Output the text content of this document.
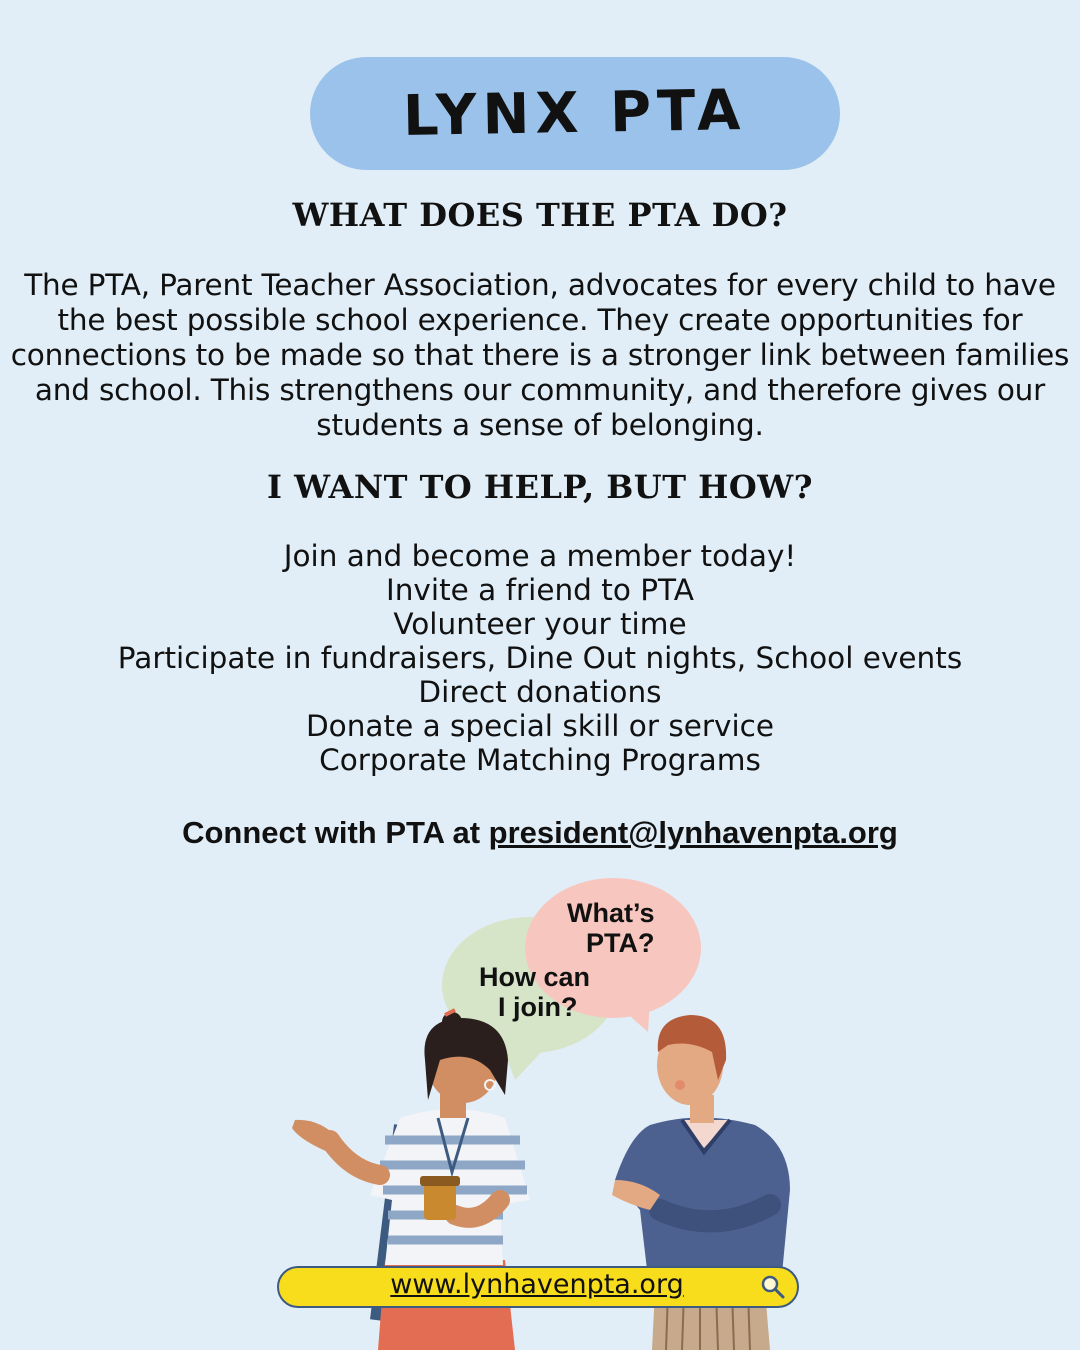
LYNX PTA
WHAT DOES THE PTA DO?
The PTA, Parent Teacher Association, advocates for every child to have the best possible school experience. They create opportunities for connections to be made so that there is a stronger link between families and school. This strengthens our community, and therefore gives our students a sense of belonging.
I WANT TO HELP, BUT HOW?
Join and become a member today!
Invite a friend to PTA
Volunteer your time
Participate in fundraisers, Dine Out nights, School events
Direct donations
Donate a special skill or service
Corporate Matching Programs
Connect with PTA at president@lynhavenpta.org
What’s
PTA?
How can
I join?
www.lynhavenpta.org
